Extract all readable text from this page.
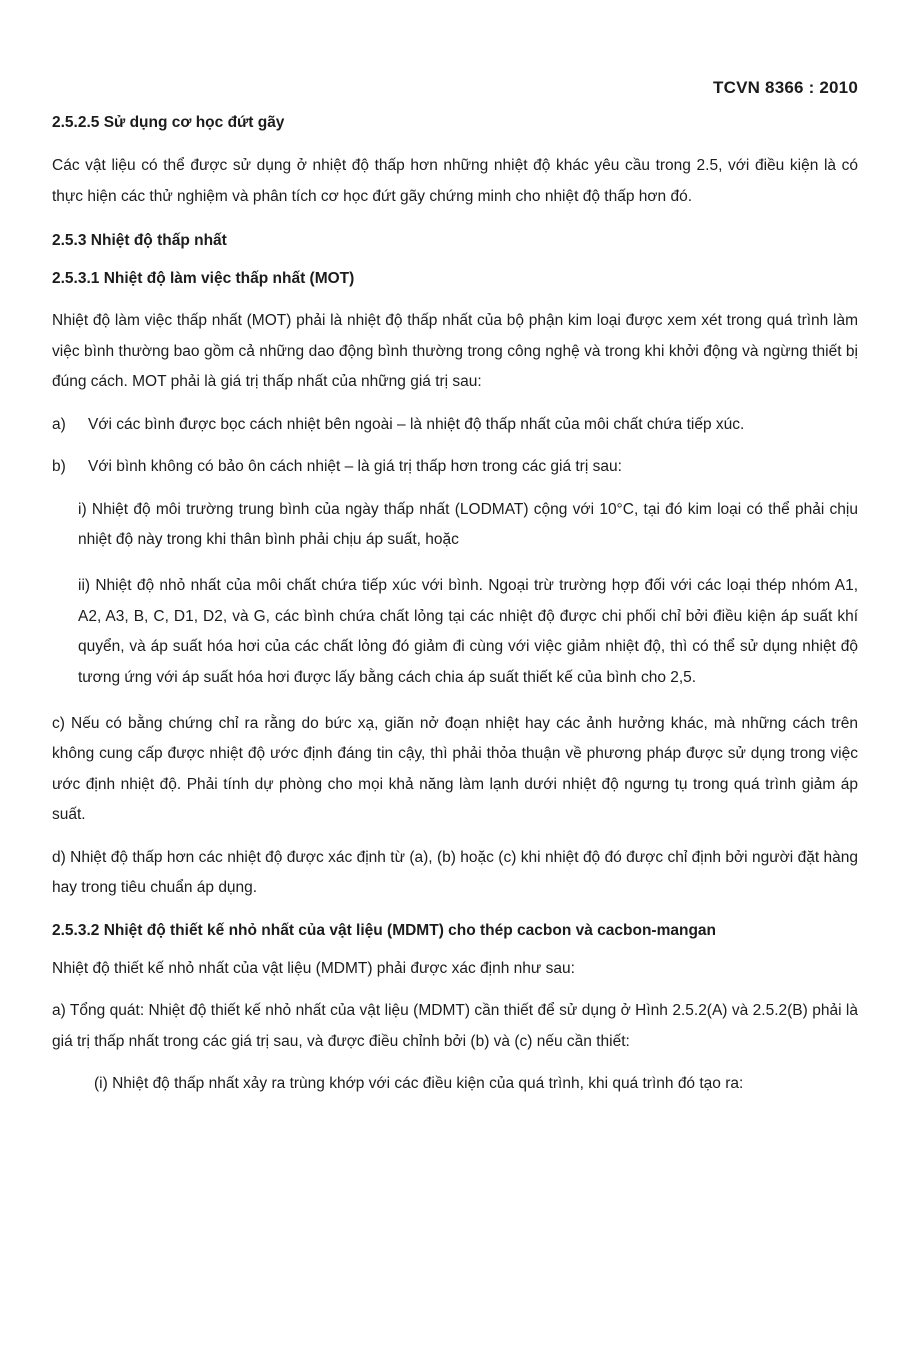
TCVN 8366 : 2010

2.5.2.5 Sử dụng cơ học đứt gãy

Các vật liệu có thể được sử dụng ở nhiệt độ thấp hơn những nhiệt độ khác yêu cầu trong 2.5, với điều kiện là có thực hiện các thử nghiệm và phân tích cơ học đứt gãy chứng minh cho nhiệt độ thấp hơn đó.

2.5.3 Nhiệt độ thấp nhất

2.5.3.1 Nhiệt độ làm việc thấp nhất (MOT)

Nhiệt độ làm việc thấp nhất (MOT) phải là nhiệt độ thấp nhất của bộ phận kim loại được xem xét trong quá trình làm việc bình thường bao gồm cả những dao động bình thường trong công nghệ và trong khi khởi động và ngừng thiết bị đúng cách. MOT phải là giá trị thấp nhất của những giá trị sau:

a)	Với các bình được bọc cách nhiệt bên ngoài – là nhiệt độ thấp nhất của môi chất chứa tiếp xúc.
b)	Với bình không có bảo ôn cách nhiệt – là giá trị thấp hơn trong các giá trị sau:

i) Nhiệt độ môi trường trung bình của ngày thấp nhất (LODMAT) cộng với 10°C, tại đó kim loại có thể phải chịu nhiệt độ này trong khi thân bình phải chịu áp suất, hoặc

ii) Nhiệt độ nhỏ nhất của môi chất chứa tiếp xúc với bình. Ngoại trừ trường hợp đối với các loại thép nhóm A1, A2, A3, B, C, D1, D2, và G, các bình chứa chất lỏng tại các nhiệt độ được chi phối chỉ bởi điều kiện áp suất khí quyển, và áp suất hóa hơi của các chất lỏng đó giảm đi cùng với việc giảm nhiệt độ, thì có thể sử dụng nhiệt độ tương ứng với áp suất hóa hơi được lấy bằng cách chia áp suất thiết kế của bình cho 2,5.

c) Nếu có bằng chứng chỉ ra rằng do bức xạ, giãn nở đoạn nhiệt hay các ảnh hưởng khác, mà những cách trên không cung cấp được nhiệt độ ước định đáng tin cậy, thì phải thỏa thuận về phương pháp được sử dụng trong việc ước định nhiệt độ. Phải tính dự phòng cho mọi khả năng làm lạnh dưới nhiệt độ ngưng tụ trong quá trình giảm áp suất.

d) Nhiệt độ thấp hơn các nhiệt độ được xác định từ (a), (b) hoặc (c) khi nhiệt độ đó được chỉ định bởi người đặt hàng hay trong tiêu chuẩn áp dụng.

2.5.3.2 Nhiệt độ thiết kế nhỏ nhất của vật liệu (MDMT) cho thép cacbon và cacbon-mangan

Nhiệt độ thiết kế nhỏ nhất của vật liệu (MDMT) phải được xác định như sau:

a) Tổng quát: Nhiệt độ thiết kế nhỏ nhất của vật liệu (MDMT) cần thiết để sử dụng ở Hình 2.5.2(A) và 2.5.2(B) phải là giá trị thấp nhất trong các giá trị sau, và được điều chỉnh bởi (b) và (c) nếu cần thiết:

(i) Nhiệt độ thấp nhất xảy ra trùng khớp với các điều kiện của quá trình, khi quá trình đó tạo ra:
